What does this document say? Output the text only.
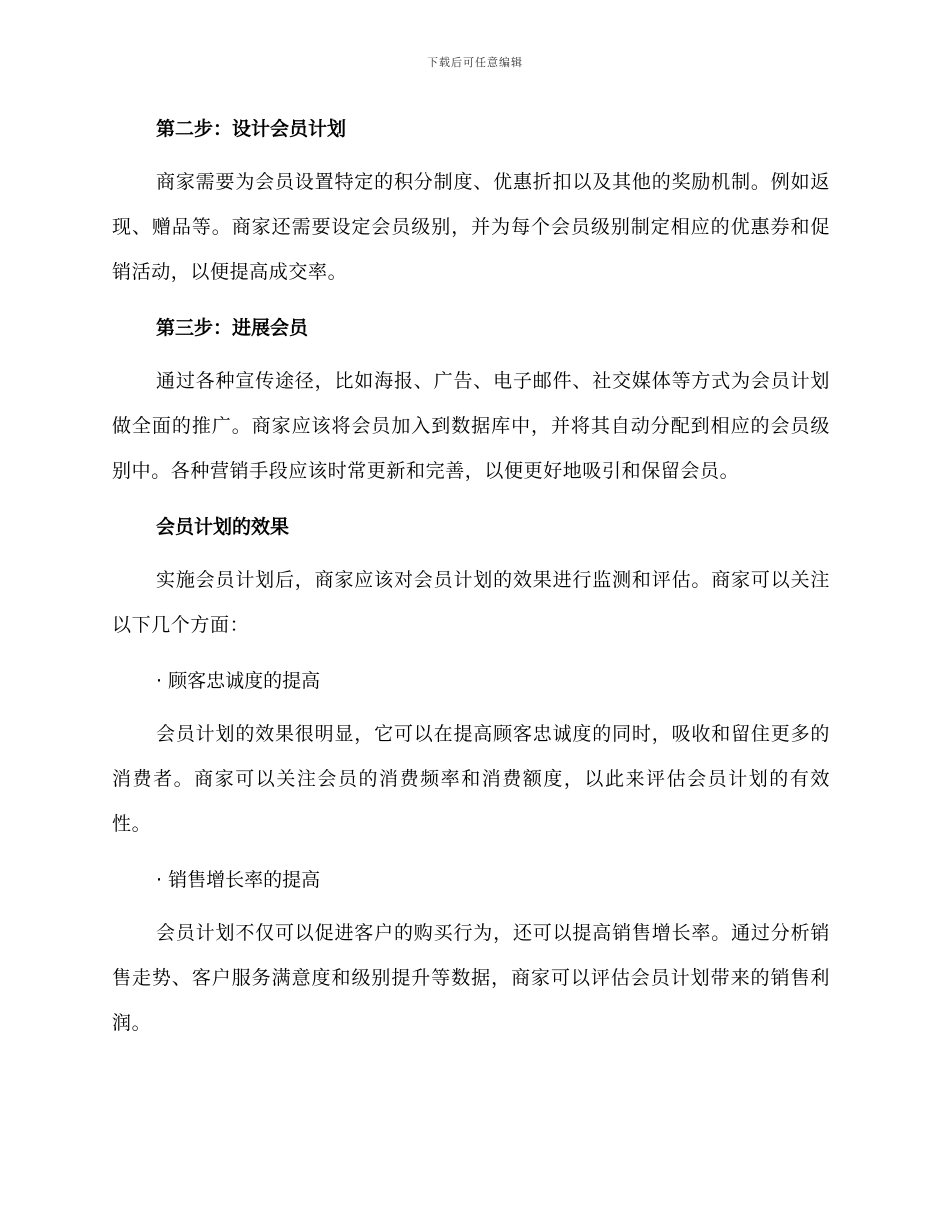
下载后可任意编辑

第二步：设计会员计划

商家需要为会员设置特定的积分制度、优惠折扣以及其他的奖励机制。例如返现、赠品等。商家还需要设定会员级别，并为每个会员级别制定相应的优惠券和促销活动，以便提高成交率。

第三步：进展会员

通过各种宣传途径，比如海报、广告、电子邮件、社交媒体等方式为会员计划做全面的推广。商家应该将会员加入到数据库中，并将其自动分配到相应的会员级别中。各种营销手段应该时常更新和完善，以便更好地吸引和保留会员。

会员计划的效果

实施会员计划后，商家应该对会员计划的效果进行监测和评估。商家可以关注以下几个方面：

· 顾客忠诚度的提高

会员计划的效果很明显，它可以在提高顾客忠诚度的同时，吸收和留住更多的消费者。商家可以关注会员的消费频率和消费额度，以此来评估会员计划的有效性。

· 销售增长率的提高

会员计划不仅可以促进客户的购买行为，还可以提高销售增长率。通过分析销售走势、客户服务满意度和级别提升等数据，商家可以评估会员计划带来的销售利润。
